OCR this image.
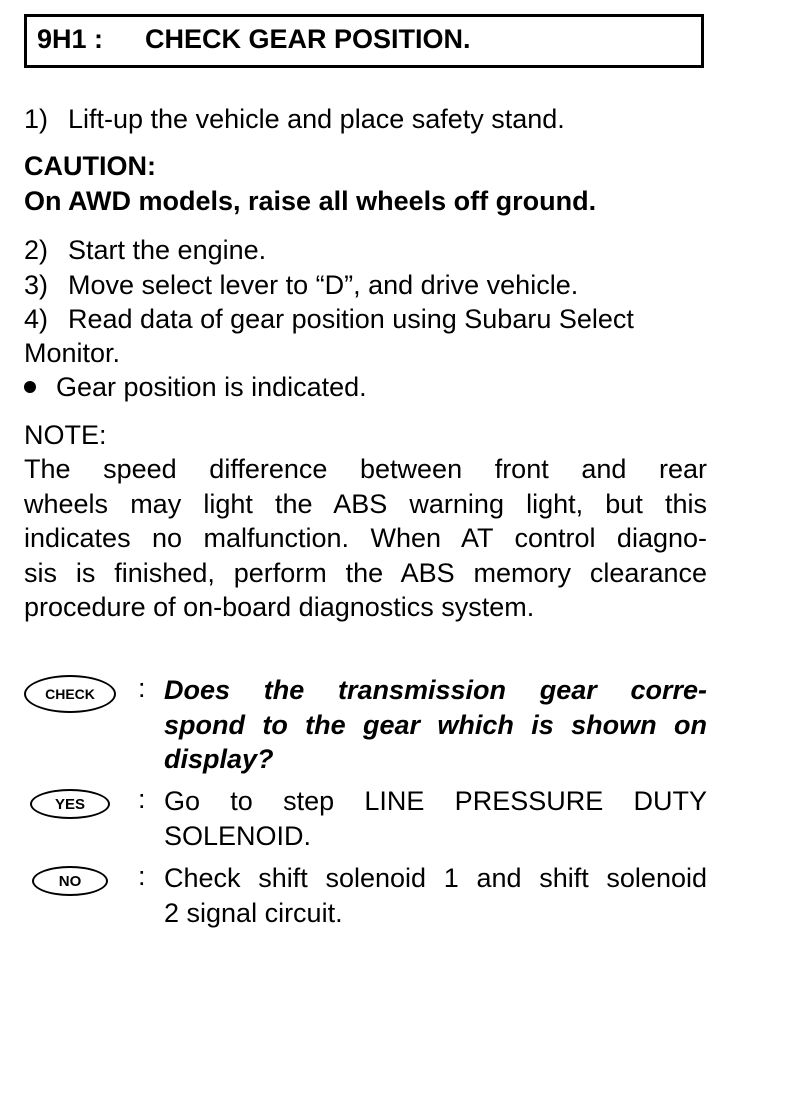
9H1 : CHECK GEAR POSITION.
1) Lift-up the vehicle and place safety stand.
CAUTION:
On AWD models, raise all wheels off ground.
2) Start the engine.
3) Move select lever to “D”, and drive vehicle.
4) Read data of gear position using Subaru Select
Monitor.
Gear position is indicated.
NOTE:
The speed difference between front and rear
wheels may light the ABS warning light, but this
indicates no malfunction. When AT control diagno-
sis is finished, perform the ABS memory clearance
procedure of on-board diagnostics system.
CHECK	: Does the transmission gear corre-
spond to the gear which is shown on
display?
YES	: Go to step LINE PRESSURE DUTY
SOLENOID.
NO	: Check shift solenoid 1 and shift solenoid
2 signal circuit.
